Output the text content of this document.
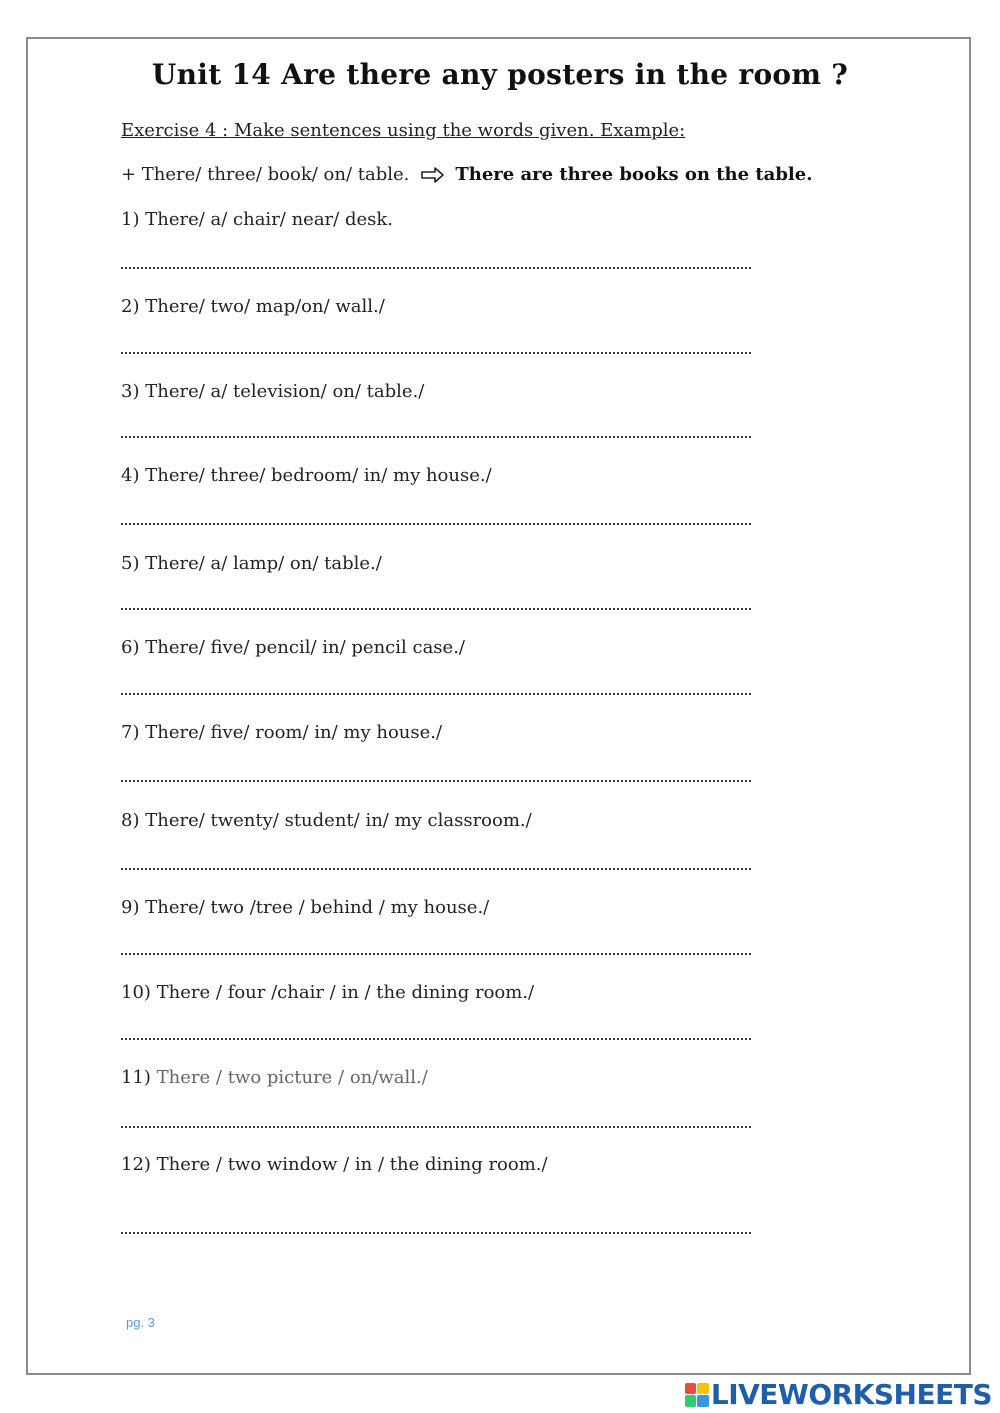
Unit 14 Are there any posters in the room ?
Exercise 4 : Make sentences using the words given. Example:
+ There/ three/ book/ on/ table.	There are three books on the table.
1) There/ a/ chair/ near/ desk.
2) There/ two/ map/on/ wall./
3) There/ a/ television/ on/ table./
4) There/ three/ bedroom/ in/ my house./
5) There/ a/ lamp/ on/ table./
6) There/ five/ pencil/ in/ pencil case./
7) There/ five/ room/ in/ my house./
8) There/ twenty/ student/ in/ my classroom./
9) There/ two /tree / behind / my house./
10) There / four /chair / in / the dining room./
11) There / two picture / on/wall./
12) There / two window / in / the dining room./
pg. 3
LIVEWORKSHEETS
